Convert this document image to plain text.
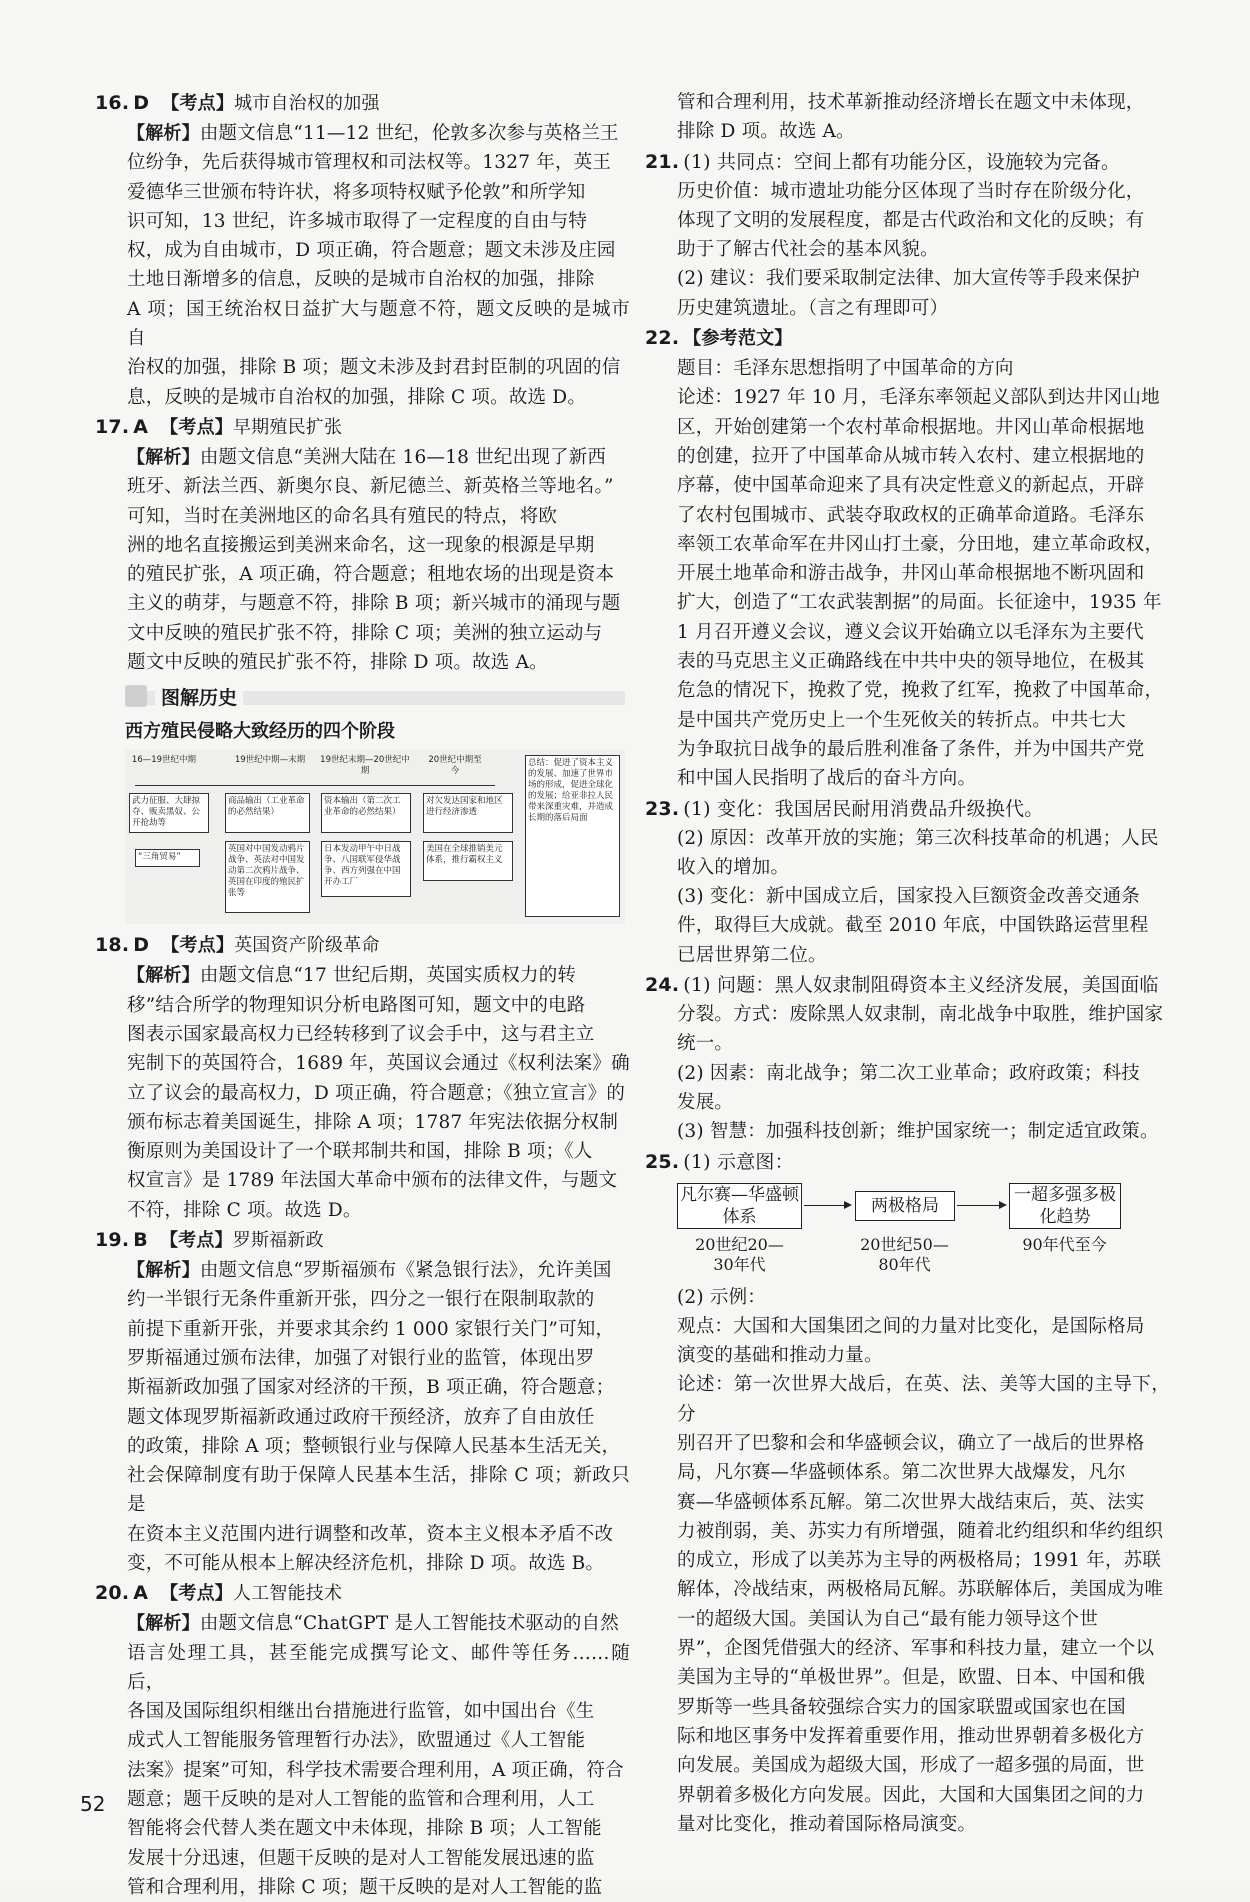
16. D 【考点】城市自治权的加强

【解析】由题文信息“11—12 世纪，伦敦多次参与英格兰王

位纷争，先后获得城市管理权和司法权等。1327 年，英王

爱德华三世颁布特许状，将多项特权赋予伦敦”和所学知

识可知，13 世纪，许多城市取得了一定程度的自由与特

权，成为自由城市，D 项正确，符合题意；题文未涉及庄园

土地日渐增多的信息，反映的是城市自治权的加强，排除

A 项；国王统治权日益扩大与题意不符，题文反映的是城市自

治权的加强，排除 B 项；题文未涉及封君封臣制的巩固的信

息，反映的是城市自治权的加强，排除 C 项。故选 D。

17. A 【考点】早期殖民扩张

【解析】由题文信息“美洲大陆在 16—18 世纪出现了新西

班牙、新法兰西、新奥尔良、新尼德兰、新英格兰等地名。”

可知，当时在美洲地区的命名具有殖民的特点，将欧

洲的地名直接搬运到美洲来命名，这一现象的根源是早期

的殖民扩张，A 项正确，符合题意；租地农场的出现是资本

主义的萌芽，与题意不符，排除 B 项；新兴城市的涌现与题

文中反映的殖民扩张不符，排除 C 项；美洲的独立运动与

题文中反映的殖民扩张不符，排除 D 项。故选 A。

图解历史
西方殖民侵略大致经历的四个阶段
16—19世纪中期	19世纪中期—末期	19世纪末期—20世纪中期
20世纪中期至今
武力征服、大肆掠夺、贩卖黑奴、公开抢劫等
商品输出（工业革命的必然结果）
资本输出（第二次工业革命的必然结果）
对欠发达国家和地区进行经济渗透
“三角贸易”
英国对中国发动鸦片战争、英法对中国发动第二次鸦片战争、英国在印度的殖民扩张等
日本发动甲午中日战争、八国联军侵华战争、西方列强在中国开办工厂
美国在全球推销美元体系，推行霸权主义
总结：促进了资本主义的发展、加速了世界市场的形成，促进全球化的发展；给亚非拉人民带来深重灾难，并造成长期的落后局面

18. D 【考点】英国资产阶级革命

【解析】由题文信息“17 世纪后期，英国实质权力的转

移”结合所学的物理知识分析电路图可知，题文中的电路

图表示国家最高权力已经转移到了议会手中，这与君主立

宪制下的英国符合，1689 年，英国议会通过《权利法案》确

立了议会的最高权力，D 项正确，符合题意；《独立宣言》的

颁布标志着美国诞生，排除 A 项；1787 年宪法依据分权制

衡原则为美国设计了一个联邦制共和国，排除 B 项；《人

权宣言》是 1789 年法国大革命中颁布的法律文件，与题文

不符，排除 C 项。故选 D。

19. B 【考点】罗斯福新政

【解析】由题文信息“罗斯福颁布《紧急银行法》，允许美国

约一半银行无条件重新开张，四分之一银行在限制取款的

前提下重新开张，并要求其余约 1 000 家银行关门”可知，

罗斯福通过颁布法律，加强了对银行业的监管，体现出罗

斯福新政加强了国家对经济的干预，B 项正确，符合题意；

题文体现罗斯福新政通过政府干预经济，放弃了自由放任

的政策，排除 A 项；整顿银行业与保障人民基本生活无关，

社会保障制度有助于保障人民基本生活，排除 C 项；新政只是

在资本主义范围内进行调整和改革，资本主义根本矛盾不改

变，不可能从根本上解决经济危机，排除 D 项。故选 B。

20. A 【考点】人工智能技术

【解析】由题文信息“ChatGPT 是人工智能技术驱动的自然

语言处理工具，甚至能完成撰写论文、邮件等任务……随后，

各国及国际组织相继出台措施进行监管，如中国出台《生

成式人工智能服务管理暂行办法》，欧盟通过《人工智能

法案》提案”可知，科学技术需要合理利用，A 项正确，符合

题意；题干反映的是对人工智能的监管和合理利用，人工

智能将会代替人类在题文中未体现，排除 B 项；人工智能

发展十分迅速，但题干反映的是对人工智能发展迅速的监

管和合理利用，排除 C 项；题干反映的是对人工智能的监

管和合理利用，技术革新推动经济增长在题文中未体现，

排除 D 项。故选 A。

21. (1) 共同点：空间上都有功能分区，设施较为完备。

历史价值：城市遗址功能分区体现了当时存在阶级分化，

体现了文明的发展程度，都是古代政治和文化的反映；有

助于了解古代社会的基本风貌。

(2) 建议：我们要采取制定法律、加大宣传等手段来保护

历史建筑遗址。（言之有理即可）

22. 【参考范文】

题目：毛泽东思想指明了中国革命的方向

论述：1927 年 10 月，毛泽东率领起义部队到达井冈山地

区，开始创建第一个农村革命根据地。井冈山革命根据地

的创建，拉开了中国革命从城市转入农村、建立根据地的

序幕，使中国革命迎来了具有决定性意义的新起点，开辟

了农村包围城市、武装夺取政权的正确革命道路。毛泽东

率领工农革命军在井冈山打土豪，分田地，建立革命政权，

开展土地革命和游击战争，井冈山革命根据地不断巩固和

扩大，创造了“工农武装割据”的局面。长征途中，1935 年

1 月召开遵义会议，遵义会议开始确立以毛泽东为主要代

表的马克思主义正确路线在中共中央的领导地位，在极其

危急的情况下，挽救了党，挽救了红军，挽救了中国革命，

是中国共产党历史上一个生死攸关的转折点。中共七大

为争取抗日战争的最后胜利准备了条件，并为中国共产党

和中国人民指明了战后的奋斗方向。

23. (1) 变化：我国居民耐用消费品升级换代。

(2) 原因：改革开放的实施；第三次科技革命的机遇；人民

收入的增加。

(3) 变化：新中国成立后，国家投入巨额资金改善交通条

件，取得巨大成就。截至 2010 年底，中国铁路运营里程

已居世界第二位。

24. (1) 问题：黑人奴隶制阻碍资本主义经济发展，美国面临

分裂。方式：废除黑人奴隶制，南北战争中取胜，维护国家

统一。

(2) 因素：南北战争；第二次工业革命；政府政策；科技

发展。

(3) 智慧：加强科技创新；维护国家统一；制定适宜政策。

25. (1) 示意图：

凡尔赛—华盛顿体系
两极格局
一超多强多极化趋势
20世纪20—30年代
20世纪50—80年代
90年代至今

(2) 示例：

观点：大国和大国集团之间的力量对比变化，是国际格局

演变的基础和推动力量。

论述：第一次世界大战后，在英、法、美等大国的主导下，分

别召开了巴黎和会和华盛顿会议，确立了一战后的世界格

局，凡尔赛—华盛顿体系。第二次世界大战爆发，凡尔

赛—华盛顿体系瓦解。第二次世界大战结束后，英、法实

力被削弱，美、苏实力有所增强，随着北约组织和华约组织

的成立，形成了以美苏为主导的两极格局；1991 年，苏联

解体，冷战结束，两极格局瓦解。苏联解体后，美国成为唯

一的超级大国。美国认为自己“最有能力领导这个世

界”，企图凭借强大的经济、军事和科技力量，建立一个以

美国为主导的“单极世界”。但是，欧盟、日本、中国和俄

罗斯等一些具备较强综合实力的国家联盟或国家也在国

际和地区事务中发挥着重要作用，推动世界朝着多极化方

向发展。美国成为超级大国，形成了一超多强的局面，世

界朝着多极化方向发展。因此，大国和大国集团之间的力

量对比变化，推动着国际格局演变。

52
